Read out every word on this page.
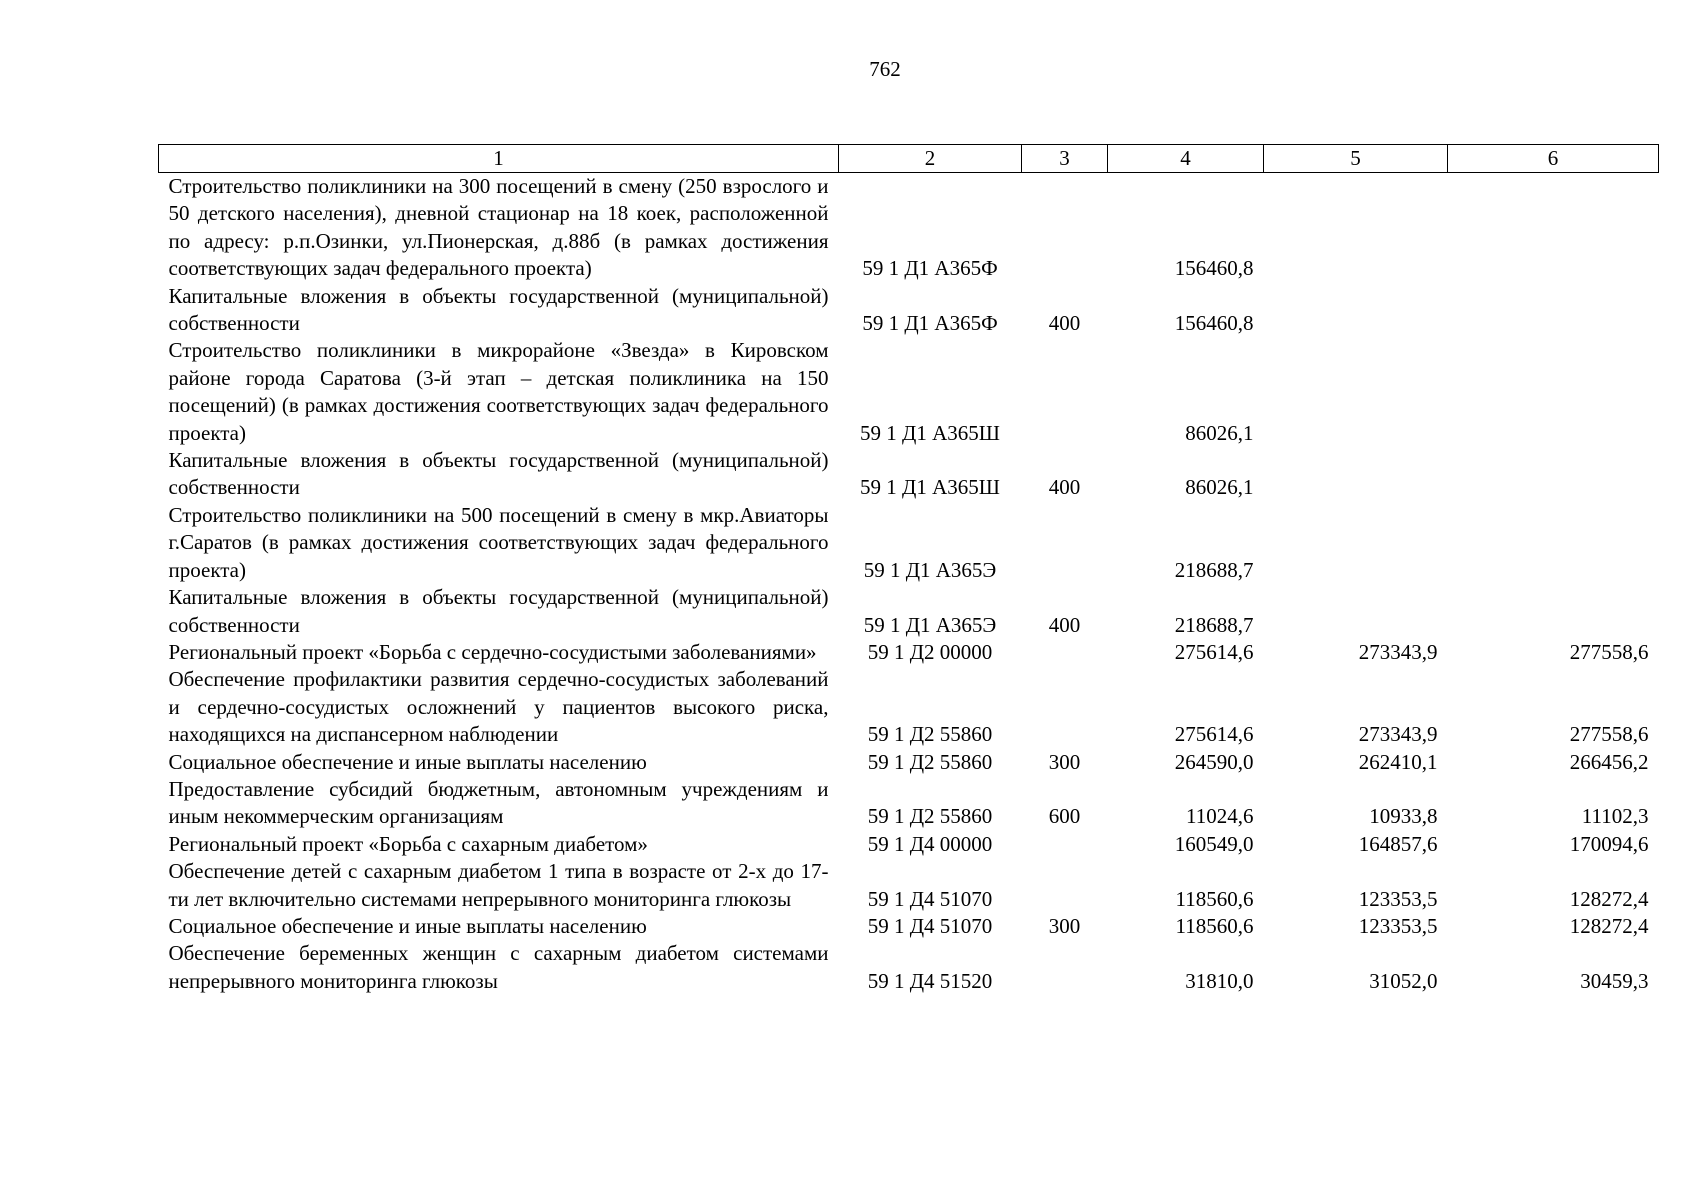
762
1	2	3	4	5	6
Строительство поликлиники на 300 посещений в смену (250 взрослого и 50 детского населения), дневной стационар на 18 коек, расположенной по адресу: р.п.Озинки, ул.Пионерская, д.88б (в рамках достижения соответствующих задач федерального проекта)	59 1 Д1 А365Ф		156460,8		
Капитальные вложения в объекты государственной (муниципальной) собственности	59 1 Д1 А365Ф	400	156460,8		
Строительство поликлиники в микрорайоне «Звезда» в Кировском районе города Саратова (3-й этап – детская поликлиника на 150 посещений) (в рамках достижения соответствующих задач федерального проекта)	59 1 Д1 А365Ш		86026,1		
Капитальные вложения в объекты государственной (муниципальной) собственности	59 1 Д1 А365Ш	400	86026,1		
Строительство поликлиники на 500 посещений в смену в мкр.Авиаторы г.Саратов (в рамках достижения соответствующих задач федерального проекта)	59 1 Д1 А365Э		218688,7		
Капитальные вложения в объекты государственной (муниципальной) собственности	59 1 Д1 А365Э	400	218688,7		
Региональный проект «Борьба с сердечно-сосудистыми заболеваниями»	59 1 Д2 00000		275614,6	273343,9	277558,6
Обеспечение профилактики развития сердечно-сосудистых заболеваний и сердечно-сосудистых осложнений у пациентов высокого риска, находящихся на диспансерном наблюдении	59 1 Д2 55860		275614,6	273343,9	277558,6
Социальное обеспечение и иные выплаты населению	59 1 Д2 55860	300	264590,0	262410,1	266456,2
Предоставление субсидий бюджетным, автономным учреждениям и иным некоммерческим организациям	59 1 Д2 55860	600	11024,6	10933,8	11102,3
Региональный проект «Борьба с сахарным диабетом»	59 1 Д4 00000		160549,0	164857,6	170094,6
Обеспечение детей с сахарным диабетом 1 типа в возрасте от 2-х до 17-ти лет включительно системами непрерывного мониторинга глюкозы	59 1 Д4 51070		118560,6	123353,5	128272,4
Социальное обеспечение и иные выплаты населению	59 1 Д4 51070	300	118560,6	123353,5	128272,4
Обеспечение беременных женщин с сахарным диабетом системами непрерывного мониторинга глюкозы	59 1 Д4 51520		31810,0	31052,0	30459,3
